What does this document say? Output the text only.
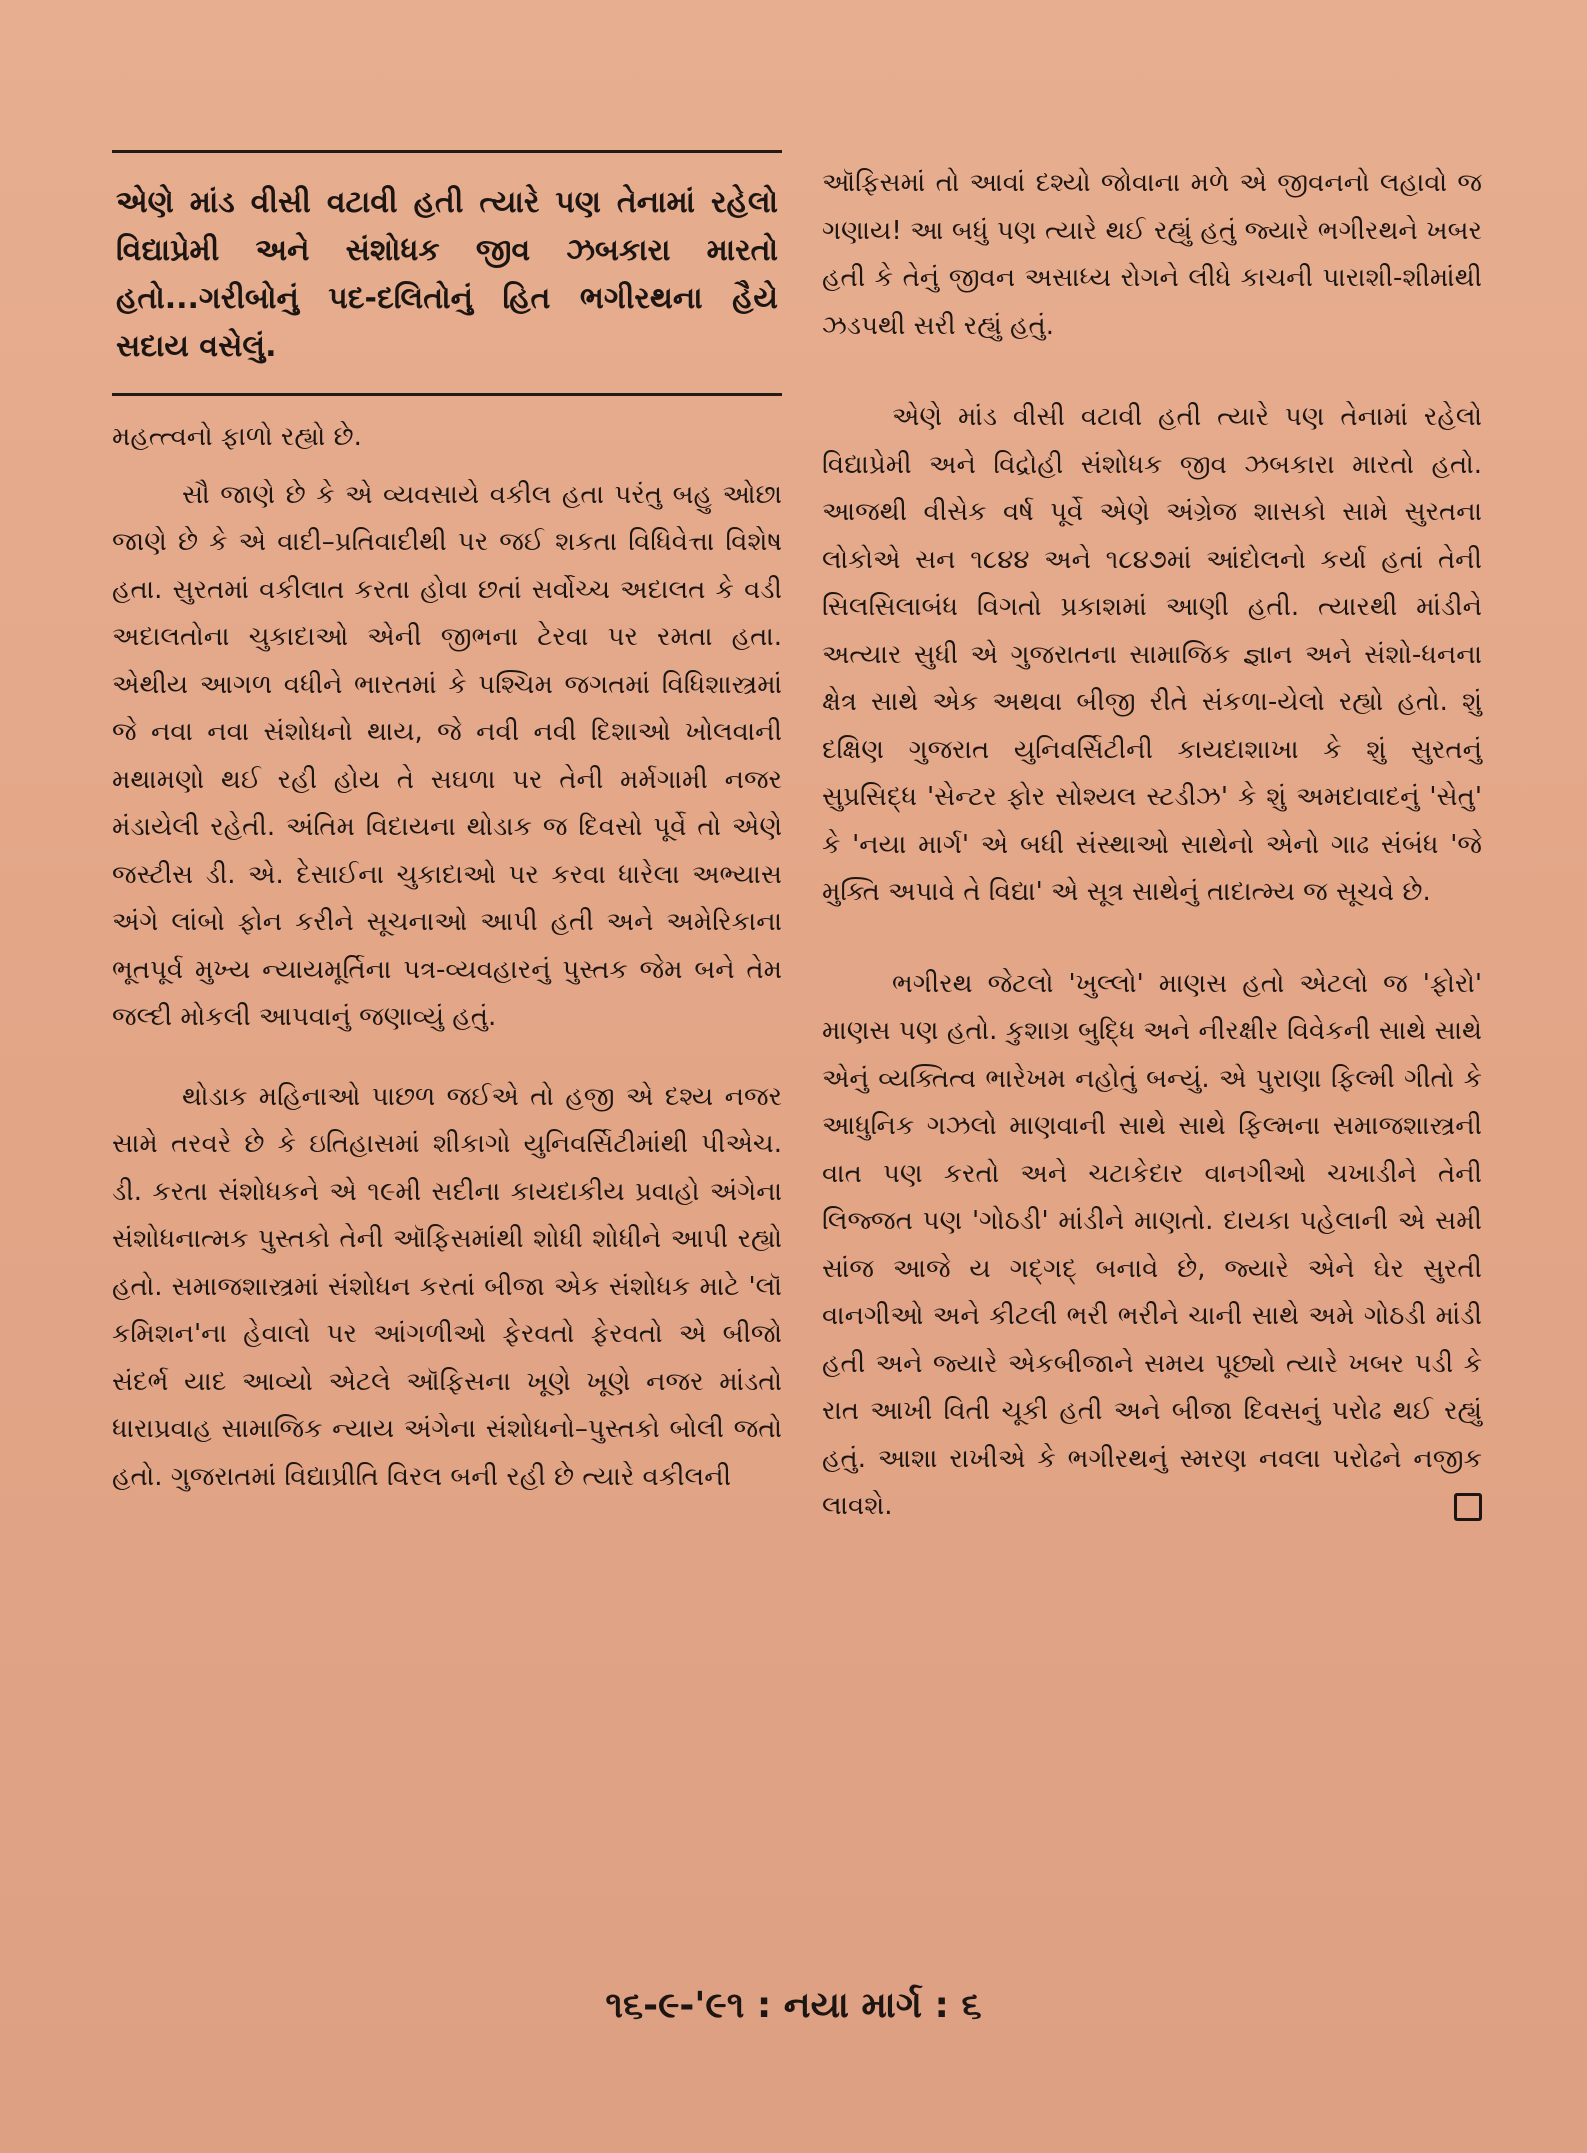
એણે માંડ વીસી વટાવી હતી ત્યારે પણ તેનામાં રહેલો વિદ્યાપ્રેમી અને સંશોધક જીવ ઝબકારા મારતો હતો...ગરીબોનું પદ-દલિતોનું હિત ભગીરથના હૈયે સદાય વસેલું.

મહત્ત્વનો ફાળો રહ્યો છે.

સૌ જાણે છે કે એ વ્યવસાયે વકીલ હતા પરંતુ બહુ ઓછા જાણે છે કે એ વાદી–પ્રતિવાદીથી પર જઈ શકતા વિધિવેત્તા વિશેષ હતા. સુરતમાં વકીલાત કરતા હોવા છતાં સર્વોચ્ચ અદાલત કે વડી અદાલતોના ચુકાદાઓ એની જીભના ટેરવા પર રમતા હતા. એથીય આગળ વધીને ભારતમાં કે પશ્ચિમ જગતમાં વિધિશાસ્ત્રમાં જે નવા નવા સંશોધનો થાય, જે નવી નવી દિશાઓ ખોલવાની મથામણો થઈ રહી હોય તે સઘળા પર તેની મર્મગામી નજર મંડાયેલી રહેતી. અંતિમ વિદાયના થોડાક જ દિવસો પૂર્વે તો એણે જસ્ટીસ ડી. એ. દેસાઈના ચુકાદાઓ પર કરવા ધારેલા અભ્યાસ અંગે લાંબો ફોન કરીને સૂચનાઓ આપી હતી અને અમેરિકાના ભૂતપૂર્વ મુખ્ય ન્યાયમૂર્તિના પત્ર-વ્યવહારનું પુસ્તક જેમ બને તેમ જલ્દી મોકલી આપવાનું જણાવ્યું હતું.

થોડાક મહિનાઓ પાછળ જઈએ તો હજી એ દશ્ય નજર સામે તરવરે છે કે ઇતિહાસમાં શીકાગો યુનિવર્સિટીમાંથી પીએચ. ડી. કરતા સંશોધકને એ ૧૯મી સદીના કાયદાકીય પ્રવાહો અંગેના સંશોધનાત્મક પુસ્તકો તેની ઑફિસમાંથી શોધી શોધીને આપી રહ્યો હતો. સમાજશાસ્ત્રમાં સંશોધન કરતાં બીજા એક સંશોધક માટે 'લૉ કમિશન'ના હેવાલો પર આંગળીઓ ફેરવતો ફેરવતો એ બીજો સંદર્ભ યાદ આવ્યો એટલે ઑફિસના ખૂણે ખૂણે નજર માંડતો ધારાપ્રવાહ સામાજિક ન્યાય અંગેના સંશોધનો–પુસ્તકો બોલી જતો હતો. ગુજરાતમાં વિદ્યાપ્રીતિ વિરલ બની રહી છે ત્યારે વકીલની

ઑફિસમાં તો આવાં દશ્યો જોવાના મળે એ જીવનનો લહાવો જ ગણાય! આ બધું પણ ત્યારે થઈ રહ્યું હતું જ્યારે ભગીરથને ખબર હતી કે તેનું જીવન અસાધ્ય રોગને લીધે કાચની પારાશી-શીમાંથી ઝડપથી સરી રહ્યું હતું.

એણે માંડ વીસી વટાવી હતી ત્યારે પણ તેનામાં રહેલો વિદ્યાપ્રેમી અને વિદ્રોહી સંશોધક જીવ ઝબકારા મારતો હતો. આજથી વીસેક વર્ષ પૂર્વે એણે અંગ્રેજ શાસકો સામે સુરતના લોકોએ સન ૧૮૪૪ અને ૧૮૪૭માં આંદોલનો કર્યા હતાં તેની સિલસિલાબંધ વિગતો પ્રકાશમાં આણી હતી. ત્યારથી માંડીને અત્યાર સુધી એ ગુજરાતના સામાજિક જ્ઞાન અને સંશો-ધનના ક્ષેત્ર સાથે એક અથવા બીજી રીતે સંકળા-યેલો રહ્યો હતો. શું દક્ષિણ ગુજરાત યુનિવર્સિટીની કાયદાશાખા કે શું સુરતનું સુપ્રસિદ્ધ 'સેન્ટર ફોર સોશ્યલ સ્ટડીઝ' કે શું અમદાવાદનું 'સેતુ' કે 'નયા માર્ગ' એ બધી સંસ્થાઓ સાથેનો એનો ગાઢ સંબંધ 'જે મુક્તિ અપાવે તે વિદ્યા' એ સૂત્ર સાથેનું તાદાત્મ્ય જ સૂચવે છે.

ભગીરથ જેટલો 'ખુલ્લો' માણસ હતો એટલો જ 'ફોરો' માણસ પણ હતો. કુશાગ્ર બુદ્ધિ અને નીરક્ષીર વિવેકની સાથે સાથે એનું વ્યક્તિત્વ ભારેખમ નહોતું બન્યું. એ પુરાણા ફિલ્મી ગીતો કે આધુનિક ગઝલો માણવાની સાથે સાથે ફિલ્મના સમાજશાસ્ત્રની વાત પણ કરતો અને ચટાકેદાર વાનગીઓ ચખાડીને તેની લિજ્જત પણ 'ગોઠડી' માંડીને માણતો. દાયકા પહેલાની એ સમી સાંજ આજે ય ગદ્ગદ્ બનાવે છે, જ્યારે એને ઘેર સુરતી વાનગીઓ અને કીટલી ભરી ભરીને ચાની સાથે અમે ગોઠડી માંડી હતી અને જ્યારે એકબીજાને સમય પૂછ્યો ત્યારે ખબર પડી કે રાત આખી વિતી ચૂકી હતી અને બીજા દિવસનું પરોઢ થઈ રહ્યું હતું. આશા રાખીએ કે ભગીરથનું સ્મરણ નવલા પરોઢને નજીક લાવશે.

૧૬-૯-'૯૧ : નયા માર્ગ : ૬
